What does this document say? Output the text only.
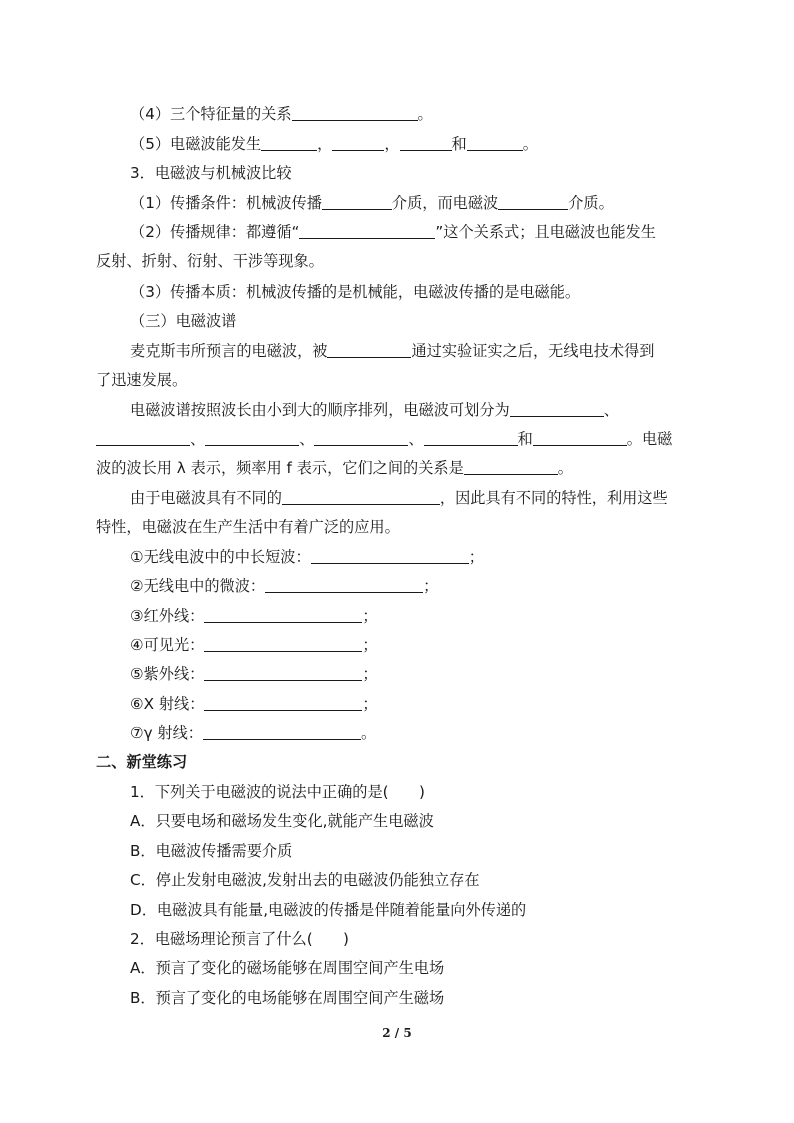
（4）三个特征量的关系	。
（5）电磁波能发生	，	，	和	。
3．电磁波与机械波比较
（1）传播条件：机械波传播	介质，而电磁波	介质。
（2）传播规律：都遵循“	”这个关系式；且电磁波也能发生
反射、折射、衍射、干涉等现象。
（3）传播本质：机械波传播的是机械能，电磁波传播的是电磁能。
（三）电磁波谱
麦克斯韦所预言的电磁波，被	通过实验证实之后，无线电技术得到
了迅速发展。
电磁波谱按照波长由小到大的顺序排列，电磁波可划分为	、
、	、	、	和	。电磁
波的波长用 λ 表示，频率用 f 表示，它们之间的关系是	。
由于电磁波具有不同的	，因此具有不同的特性，利用这些
特性，电磁波在生产生活中有着广泛的应用。
①无线电波中的中长短波：	；
②无线电中的微波：	；
③红外线：	；
④可见光：	；
⑤紫外线：	；
⑥X 射线：	；
⑦γ 射线：	。
二、新堂练习
1．下列关于电磁波的说法中正确的是(　　)
A．只要电场和磁场发生变化,就能产生电磁波
B．电磁波传播需要介质
C．停止发射电磁波,发射出去的电磁波仍能独立存在
D．电磁波具有能量,电磁波的传播是伴随着能量向外传递的
2．电磁场理论预言了什么(　　)
A．预言了变化的磁场能够在周围空间产生电场
B．预言了变化的电场能够在周围空间产生磁场
2 / 5
